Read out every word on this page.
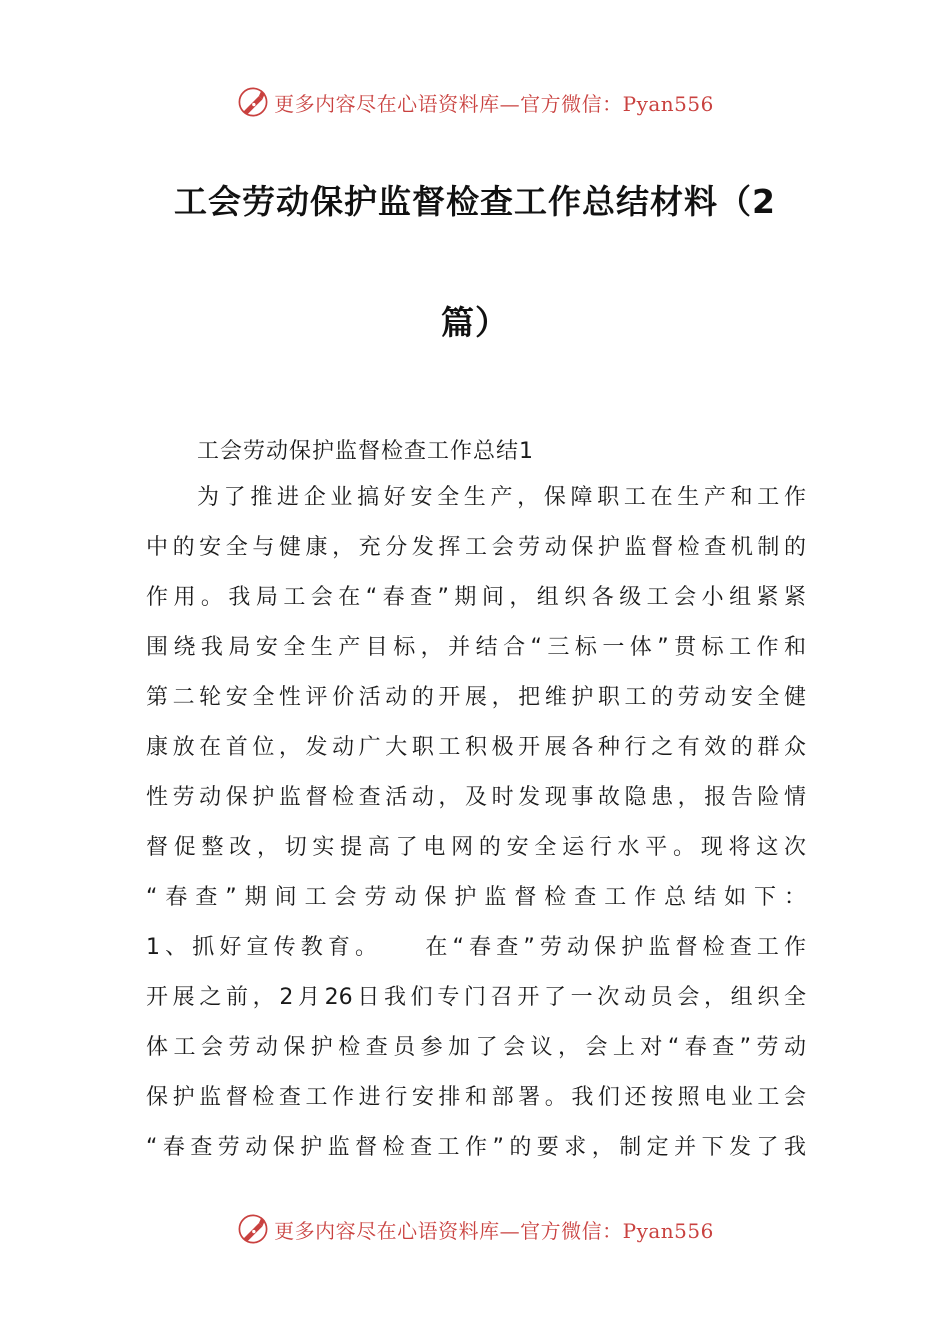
更多内容尽在心语资料库—官方微信：Pyan556
工会劳动保护监督检查工作总结材料（2
篇）
工会劳动保护监督检查工作总结1
为了推进企业搞好安全生产，保障职工在生产和工作
中的安全与健康，充分发挥工会劳动保护监督检查机制的
作用。我局工会在“春查”期间，组织各级工会小组紧紧
围绕我局安全生产目标，并结合“三标一体”贯标工作和
第二轮安全性评价活动的开展，把维护职工的劳动安全健
康放在首位，发动广大职工积极开展各种行之有效的群众
性劳动保护监督检查活动，及时发现事故隐患，报告险情
督促整改，切实提高了电网的安全运行水平。现将这次
“春查”期间工会劳动保护监督检查工作总结如下：
1、抓好宣传教育。　　在“春查”劳动保护监督检查工作
开展之前，2月26日我们专门召开了一次动员会，组织全
体工会劳动保护检查员参加了会议，会上对“春查”劳动
保护监督检查工作进行安排和部署。我们还按照电业工会
“春查劳动保护监督检查工作”的要求，制定并下发了我
更多内容尽在心语资料库—官方微信：Pyan556
